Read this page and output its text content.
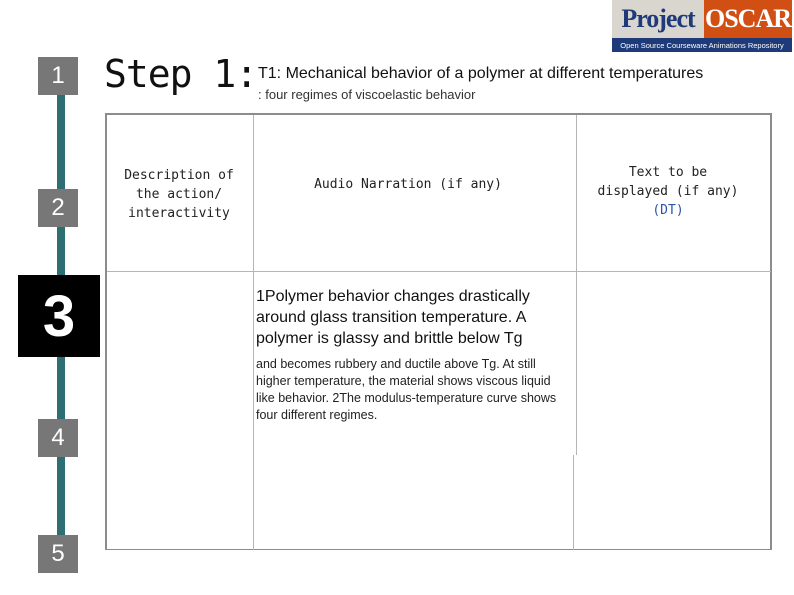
Project OSCAR
Open Source Courseware Animations Repository
1
2
3
4
5
Step 1: T1: Mechanical behavior of a polymer at different temperatures
: four regimes of viscoelastic behavior
Description of the action/ interactivity
Audio Narration (if any)
Text to be displayed (if any)
(DT)
1Polymer behavior changes drastically around glass transition temperature. A polymer is glassy and brittle below Tg
and becomes rubbery and ductile above Tg. At still higher temperature, the material shows viscous liquid like behavior. 2The modulus-temperature curve shows four different regimes.
